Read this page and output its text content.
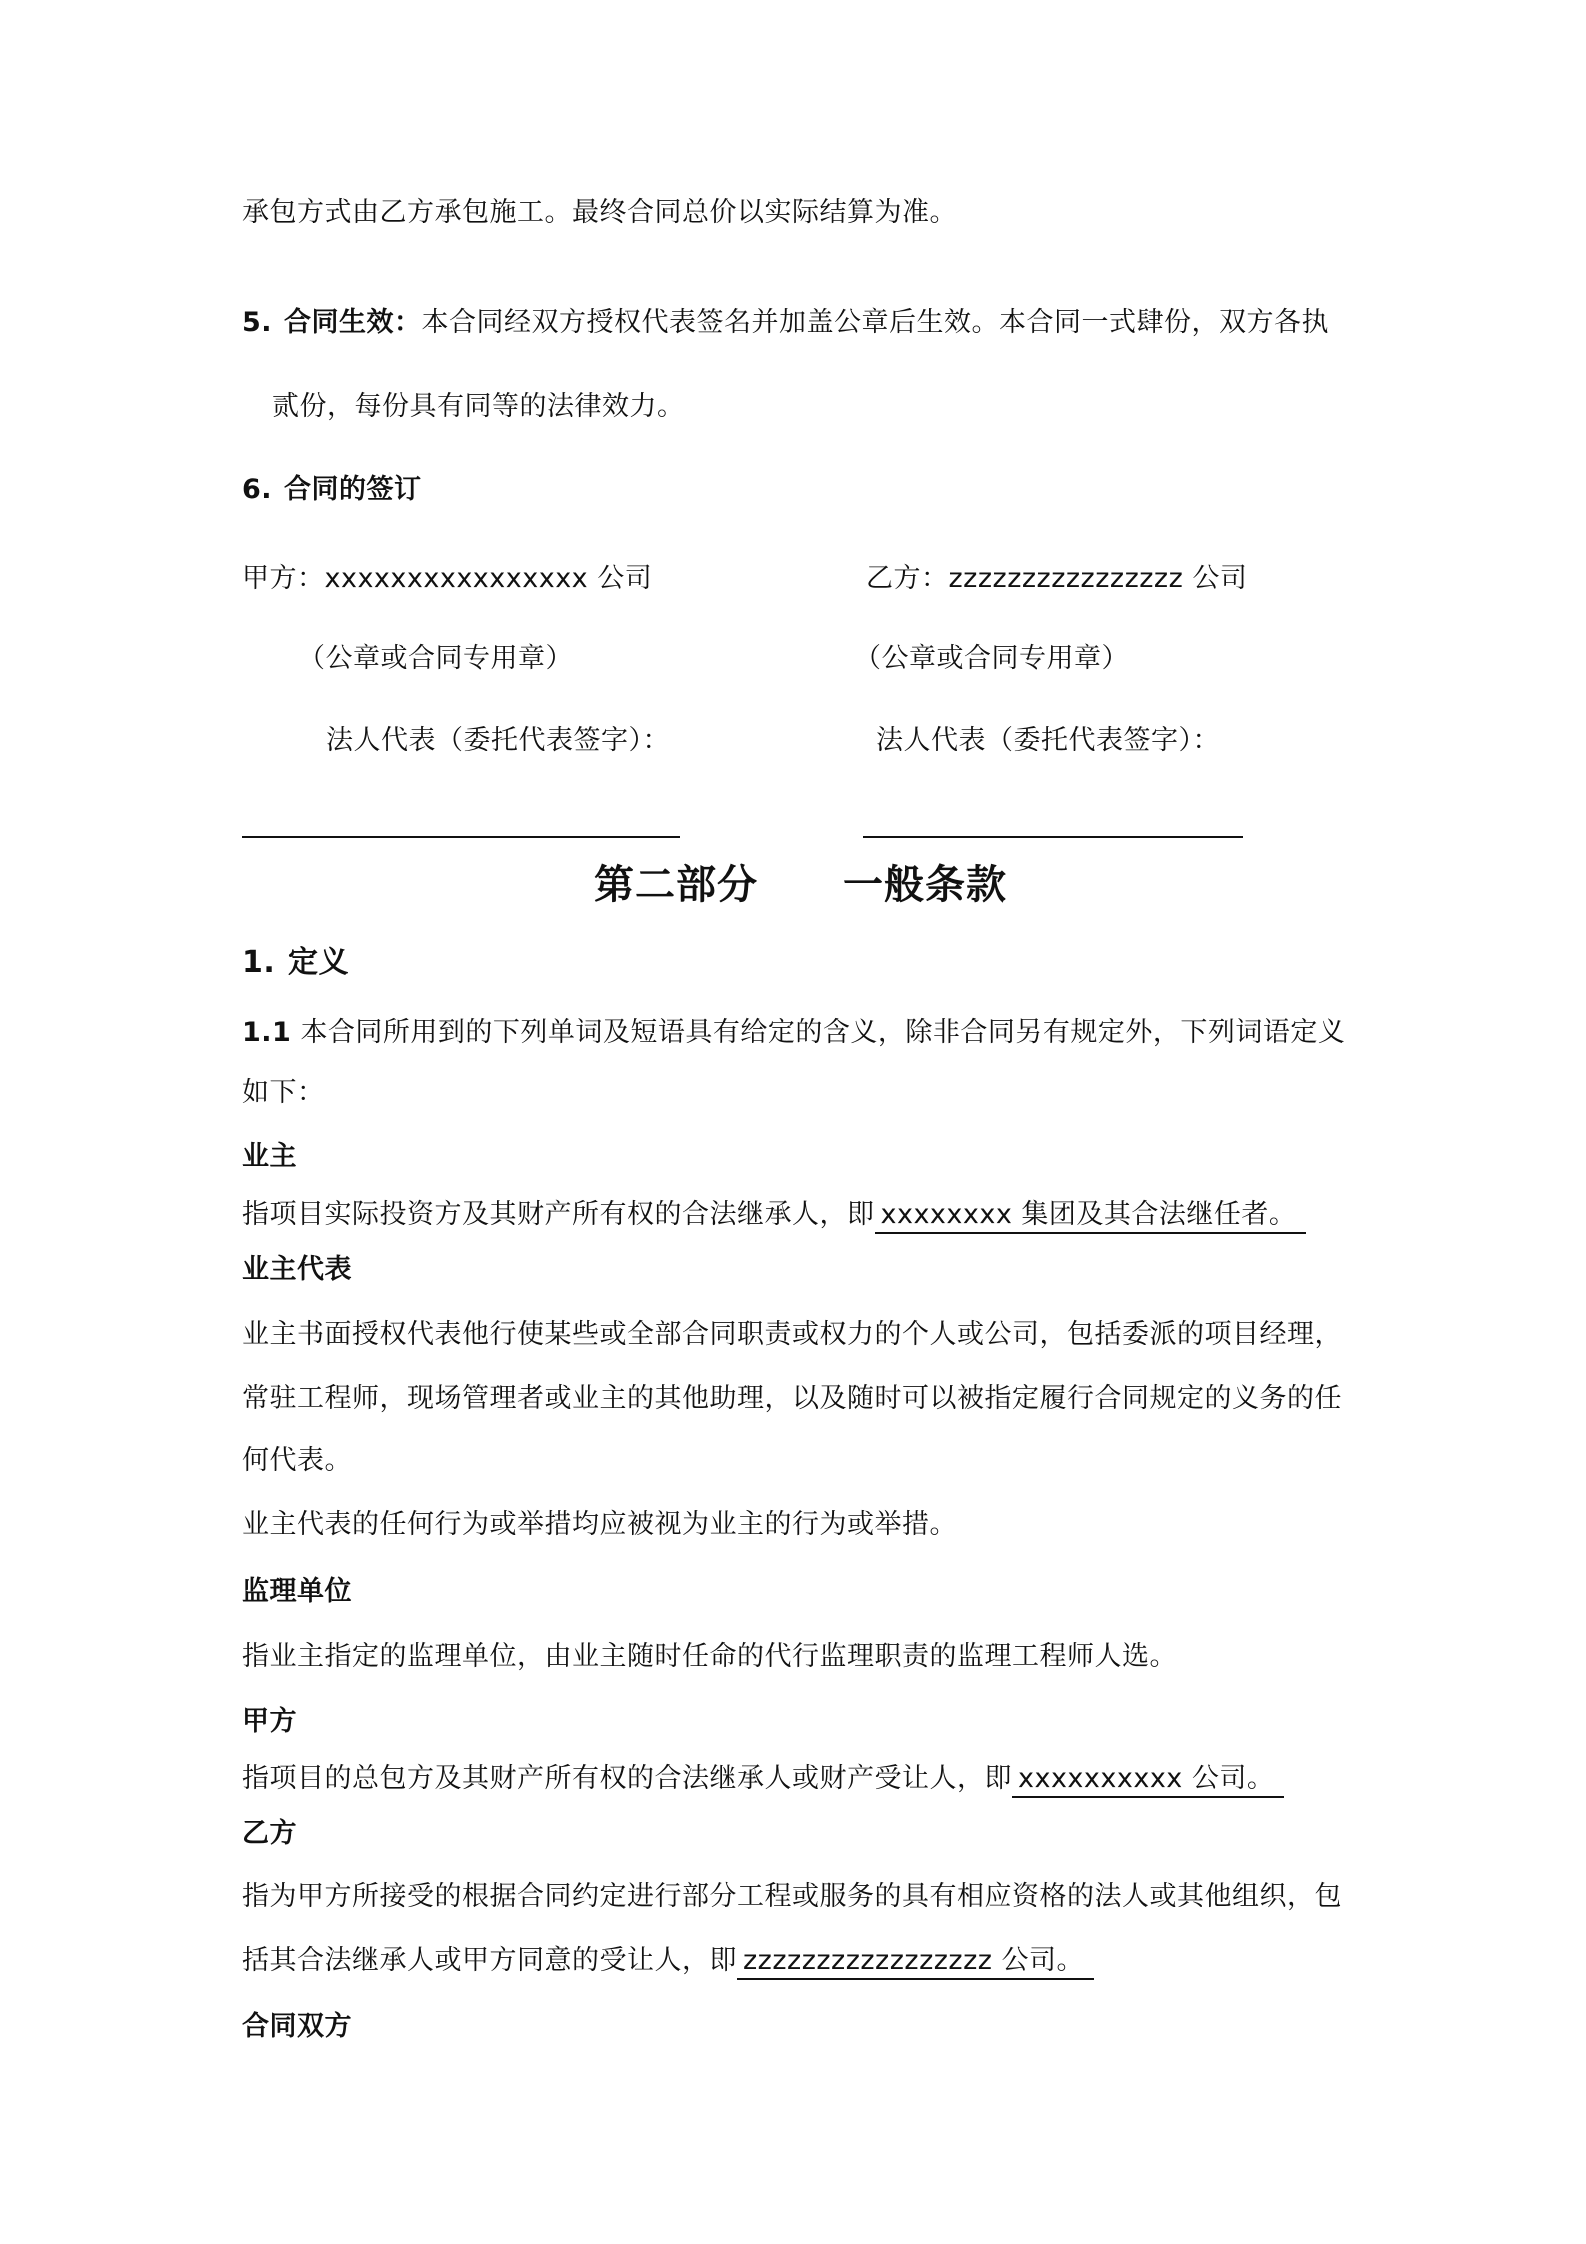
承包方式由乙方承包施工。最终合同总价以实际结算为准。
5. 合同生效：本合同经双方授权代表签名并加盖公章后生效。本合同一式肆份，双方各执
贰份，每份具有同等的法律效力。
6. 合同的签订
甲方：xxxxxxxxxxxxxxxx 公司	乙方：zzzzzzzzzzzzzzzz 公司
（公章或合同专用章）	（公章或合同专用章）
法人代表（委托代表签字）：	法人代表（委托代表签字）：
第二部分 一般条款
1. 定义
1.1 本合同所用到的下列单词及短语具有给定的含义，除非合同另有规定外，下列词语定义
如下：
业主
指项目实际投资方及其财产所有权的合法继承人，即 xxxxxxxx 集团及其合法继任者。
业主代表
业主书面授权代表他行使某些或全部合同职责或权力的个人或公司，包括委派的项目经理，
常驻工程师，现场管理者或业主的其他助理，以及随时可以被指定履行合同规定的义务的任
何代表。
业主代表的任何行为或举措均应被视为业主的行为或举措。
监理单位
指业主指定的监理单位，由业主随时任命的代行监理职责的监理工程师人选。
甲方
指项目的总包方及其财产所有权的合法继承人或财产受让人，即 xxxxxxxxxx 公司。
乙方
指为甲方所接受的根据合同约定进行部分工程或服务的具有相应资格的法人或其他组织，包
括其合法继承人或甲方同意的受让人，即 zzzzzzzzzzzzzzzzz 公司。
合同双方
